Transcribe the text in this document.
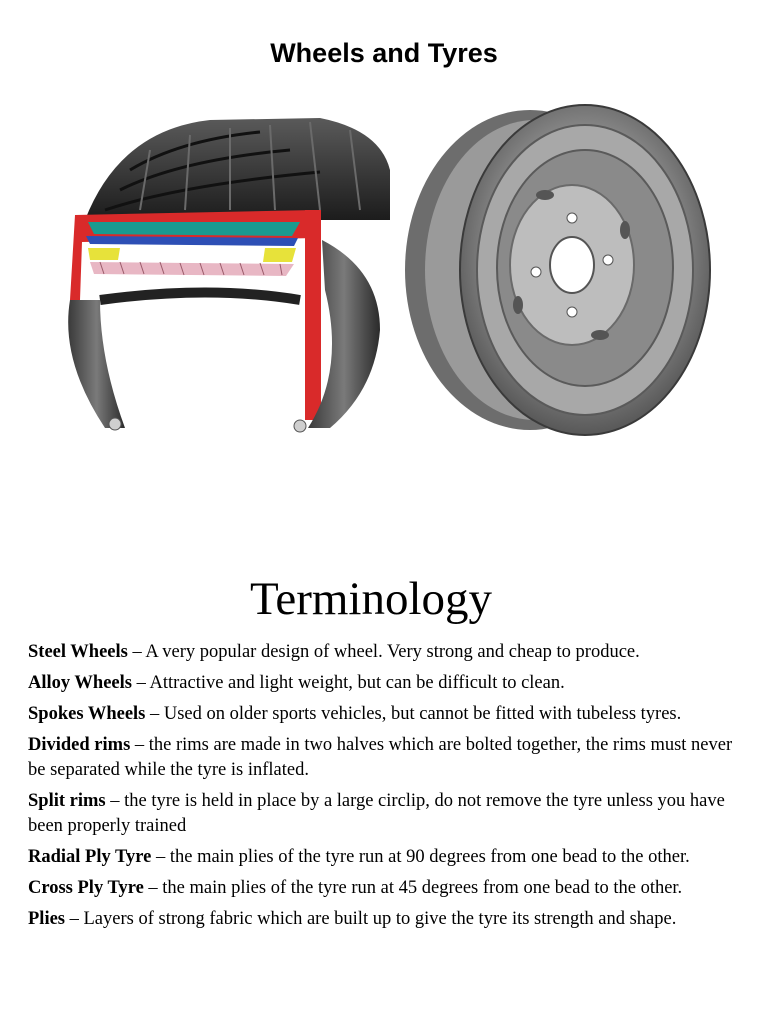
Wheels and Tyres
Terminology

Steel Wheels – A very popular design of wheel. Very strong and cheap to produce.

Alloy Wheels – Attractive and light weight, but can be difficult to clean.

Spokes Wheels – Used on older sports vehicles, but cannot be fitted with tubeless tyres.

Divided rims – the rims are made in two halves which are bolted together, the rims must never be separated while the tyre is inflated.

Split rims – the tyre is held in place by a large circlip, do not remove the tyre unless you have been properly trained

Radial Ply Tyre – the main plies of the tyre run at 90 degrees from one bead to the other.

Cross Ply Tyre – the main plies of the tyre run at 45 degrees from one bead to the other.

Plies – Layers of strong fabric which are built up to give the tyre its strength and shape.
